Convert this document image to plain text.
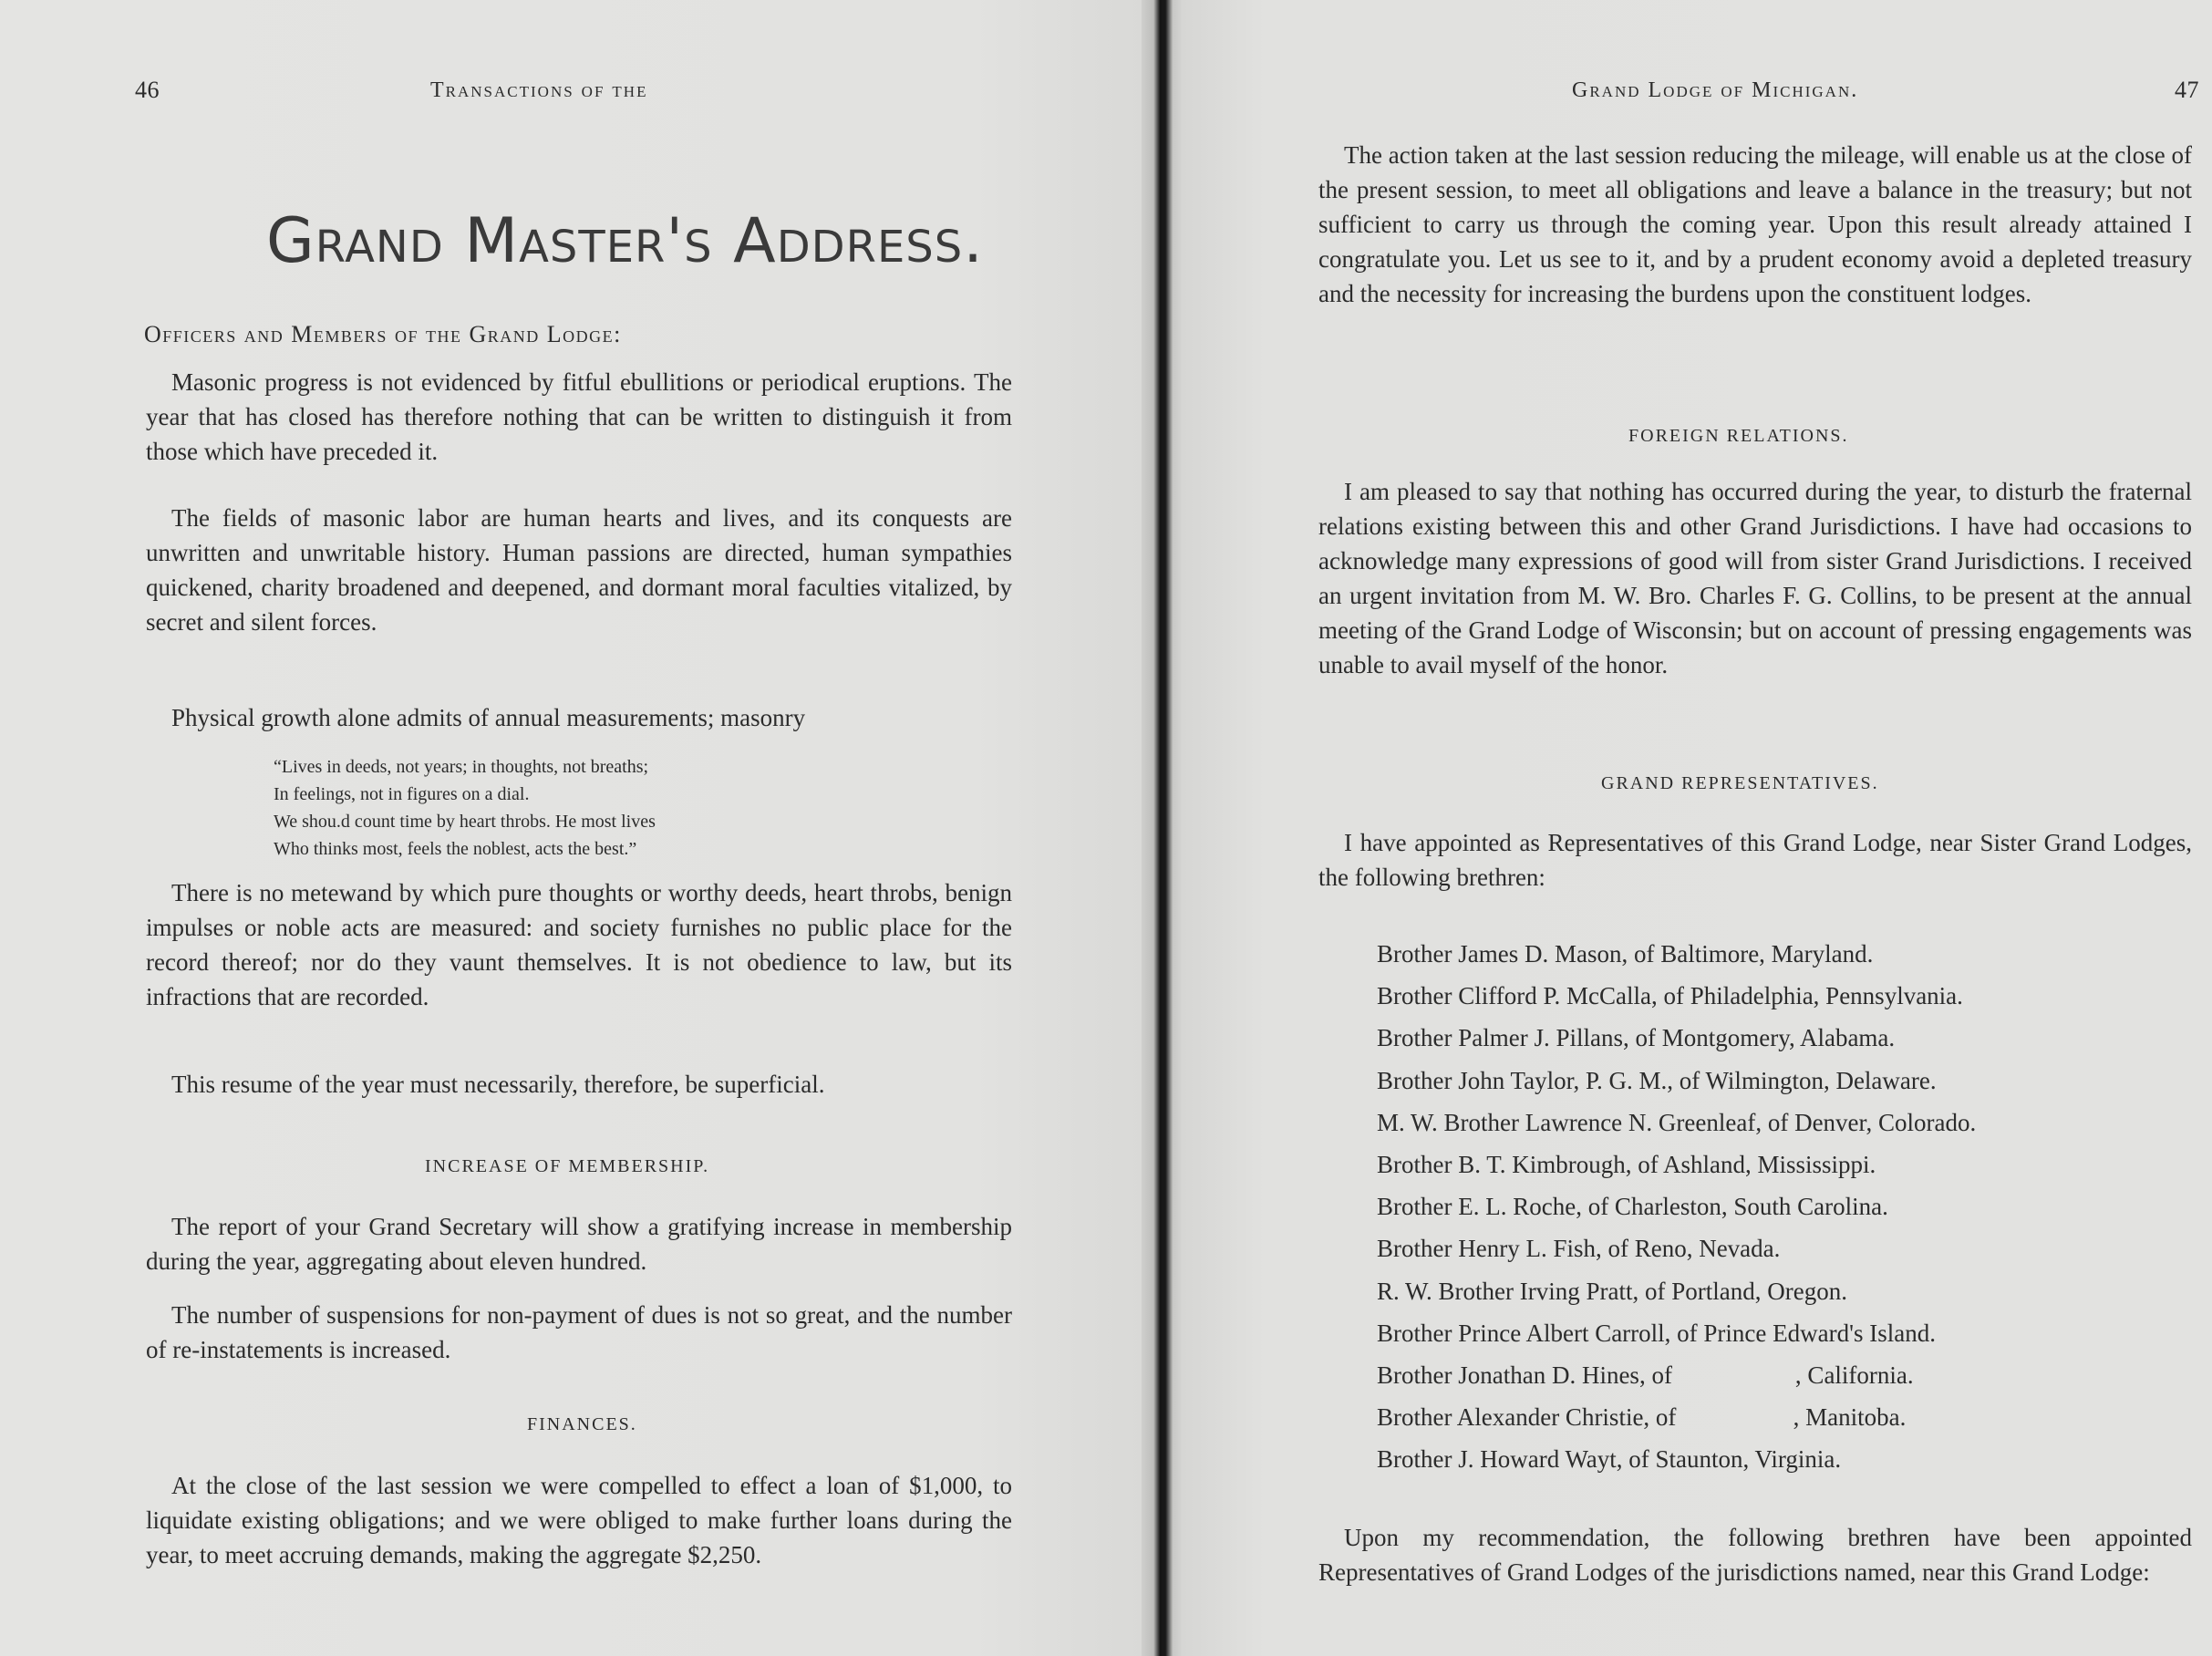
46	Transactions of the
Grand Master's Address.
Officers and Members of the Grand Lodge:

Masonic progress is not evidenced by fitful ebullitions or periodical eruptions. The year that has closed has therefore nothing that can be written to distinguish it from those which have preceded it.

The fields of masonic labor are human hearts and lives, and its conquests are unwritten and unwritable history. Human passions are directed, human sympathies quickened, charity broadened and deepened, and dormant moral faculties vitalized, by secret and silent forces.

Physical growth alone admits of annual measurements; masonry

“Lives in deeds, not years; in thoughts, not breaths;
In feelings, not in figures on a dial.
We shou.d count time by heart throbs. He most lives
Who thinks most, feels the noblest, acts the best.”

There is no metewand by which pure thoughts or worthy deeds, heart throbs, benign impulses or noble acts are measured: and society furnishes no public place for the record thereof; nor do they vaunt themselves. It is not obedience to law, but its infractions that are recorded.

This resume of the year must necessarily, therefore, be superficial.

INCREASE OF MEMBERSHIP.

The report of your Grand Secretary will show a gratifying increase in membership during the year, aggregating about eleven hundred.

The number of suspensions for non-payment of dues is not so great, and the number of re-instatements is increased.

FINANCES.

At the close of the last session we were compelled to effect a loan of $1,000, to liquidate existing obligations; and we were obliged to make further loans during the year, to meet accruing demands, making the aggregate $2,250.

Grand Lodge of Michigan.	47

The action taken at the last session reducing the mileage, will enable us at the close of the present session, to meet all obligations and leave a balance in the treasury; but not sufficient to carry us through the coming year. Upon this result already attained I congratulate you. Let us see to it, and by a prudent economy avoid a depleted treasury and the necessity for increasing the burdens upon the constituent lodges.

FOREIGN RELATIONS.

I am pleased to say that nothing has occurred during the year, to disturb the fraternal relations existing between this and other Grand Jurisdictions. I have had occasions to acknowledge many expressions of good will from sister Grand Jurisdictions. I received an urgent invitation from M. W. Bro. Charles F. G. Collins, to be present at the annual meeting of the Grand Lodge of Wisconsin; but on account of pressing engagements was unable to avail myself of the honor.

GRAND REPRESENTATIVES.

I have appointed as Representatives of this Grand Lodge, near Sister Grand Lodges, the following brethren:

Brother James D. Mason, of Baltimore, Maryland.
Brother Clifford P. McCalla, of Philadelphia, Pennsylvania.
Brother Palmer J. Pillans, of Montgomery, Alabama.
Brother John Taylor, P. G. M., of Wilmington, Delaware.
M. W. Brother Lawrence N. Greenleaf, of Denver, Colorado.
Brother B. T. Kimbrough, of Ashland, Mississippi.
Brother E. L. Roche, of Charleston, South Carolina.
Brother Henry L. Fish, of Reno, Nevada.
R. W. Brother Irving Pratt, of Portland, Oregon.
Brother Prince Albert Carroll, of Prince Edward's Island.
Brother Jonathan D. Hines, of                    , California.
Brother Alexander Christie, of                   , Manitoba.
Brother J. Howard Wayt, of Staunton, Virginia.

Upon my recommendation, the following brethren have been appointed Representatives of Grand Lodges of the jurisdictions named, near this Grand Lodge:
